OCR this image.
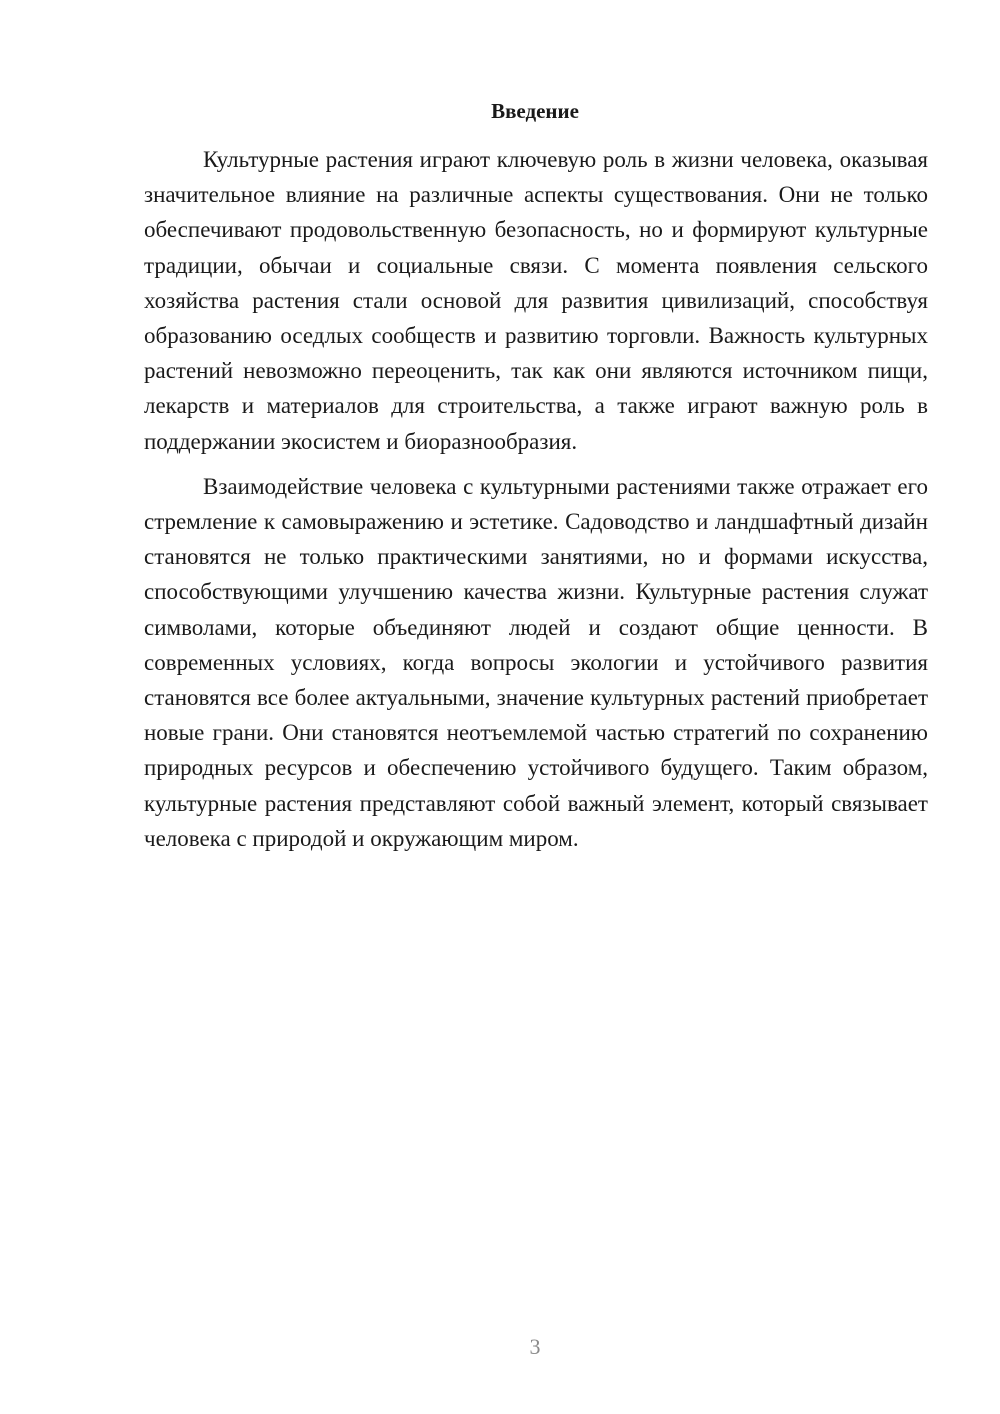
Введение

Культурные растения играют ключевую роль в жизни человека, оказывая значительное влияние на различные аспекты существования. Они не только обеспечивают продовольственную безопасность, но и формируют культурные традиции, обычаи и социальные связи. С момента появления сельского хозяйства растения стали основой для развития цивилизаций, способствуя образованию оседлых сообществ и развитию торговли. Важность культурных растений невозможно переоценить, так как они являются источником пищи, лекарств и материалов для строительства, а также играют важную роль в поддержании экосистем и биоразнообразия.

Взаимодействие человека с культурными растениями также отражает его стремление к самовыражению и эстетике. Садоводство и ландшафтный дизайн становятся не только практическими занятиями, но и формами искусства, способствующими улучшению качества жизни. Культурные растения служат символами, которые объединяют людей и создают общие ценности. В современных условиях, когда вопросы экологии и устойчивого развития становятся все более актуальными, значение культурных растений приобретает новые грани. Они становятся неотъемлемой частью стратегий по сохранению природных ресурсов и обеспечению устойчивого будущего. Таким образом, культурные растения представляют собой важный элемент, который связывает человека с природой и окружающим миром.

3
